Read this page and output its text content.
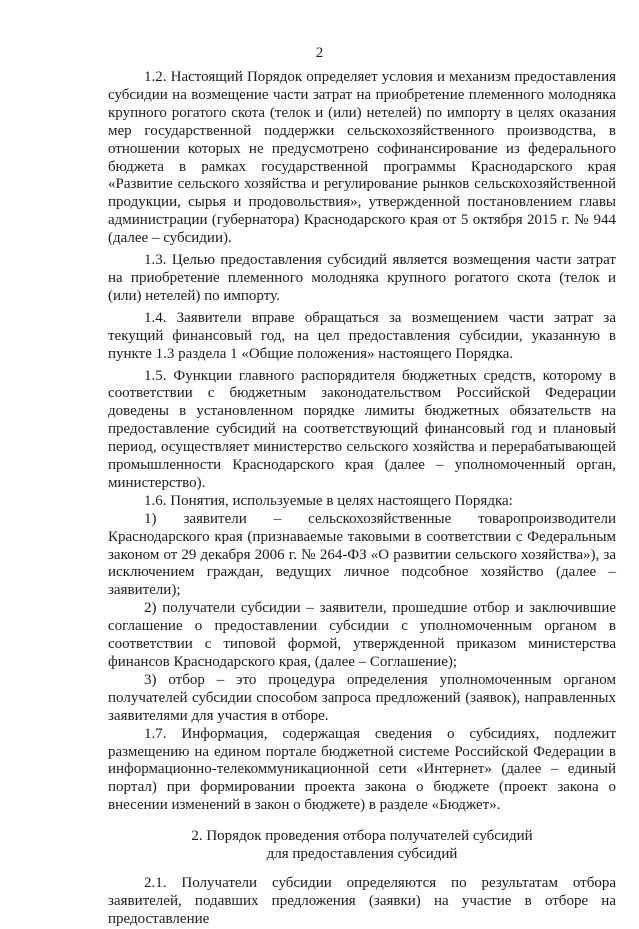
2

1.2. Настоящий Порядок определяет условия и механизм предоставления субсидии на возмещение части затрат на приобретение племенного молодняка крупного рогатого скота (телок и (или) нетелей) по импорту в целях оказания мер государственной поддержки сельскохозяйственного производства, в отношении которых не предусмотрено софинансирование из федерального бюджета в рамках государственной программы Краснодарского края «Развитие сельского хозяйства и регулирование рынков сельскохозяйственной продукции, сырья и продовольствия», утвержденной постановлением главы администрации (губернатора) Краснодарского края от 5 октября 2015 г. № 944 (далее – субсидии).

1.3. Целью предоставления субсидий является возмещения части затрат на приобретение племенного молодняка крупного рогатого скота (телок и (или) нетелей) по импорту.

1.4. Заявители вправе обращаться за возмещением части затрат за текущий финансовый год, на цел предоставления субсидии, указанную в пункте 1.3 раздела 1 «Общие положения» настоящего Порядка.

1.5. Функции главного распорядителя бюджетных средств, которому в соответствии с бюджетным законодательством Российской Федерации доведены в установленном порядке лимиты бюджетных обязательств на предоставление субсидий на соответствующий финансовый год и плановый период, осуществляет министерство сельского хозяйства и перерабатывающей промышленности Краснодарского края (далее – уполномоченный орган, министерство).

1.6. Понятия, используемые в целях настоящего Порядка:

1) заявители – сельскохозяйственные товаропроизводители Краснодарского края (признаваемые таковыми в соответствии с Федеральным законом от 29 декабря 2006 г. № 264-ФЗ «О развитии сельского хозяйства»), за исключением граждан, ведущих личное подсобное хозяйство (далее – заявители);

2) получатели субсидии – заявители, прошедшие отбор и заключившие соглашение о предоставлении субсидии с уполномоченным органом в соответствии с типовой формой, утвержденной приказом министерства финансов Краснодарского края, (далее – Соглашение);

3) отбор – это процедура определения уполномоченным органом получателей субсидии способом запроса предложений (заявок), направленных заявителями для участия в отборе.

1.7. Информация, содержащая сведения о субсидиях, подлежит размещению на едином портале бюджетной системе Российской Федерации в информационно-телекоммуникационной сети «Интернет» (далее – единый портал) при формировании проекта закона о бюджете (проект закона о внесении изменений в закон о бюджете) в разделе «Бюджет».

2. Порядок проведения отбора получателей субсидий
для предоставления субсидий

2.1. Получатели субсидии определяются по результатам отбора заявителей, подавших предложения (заявки) на участие в отборе на предоставление
